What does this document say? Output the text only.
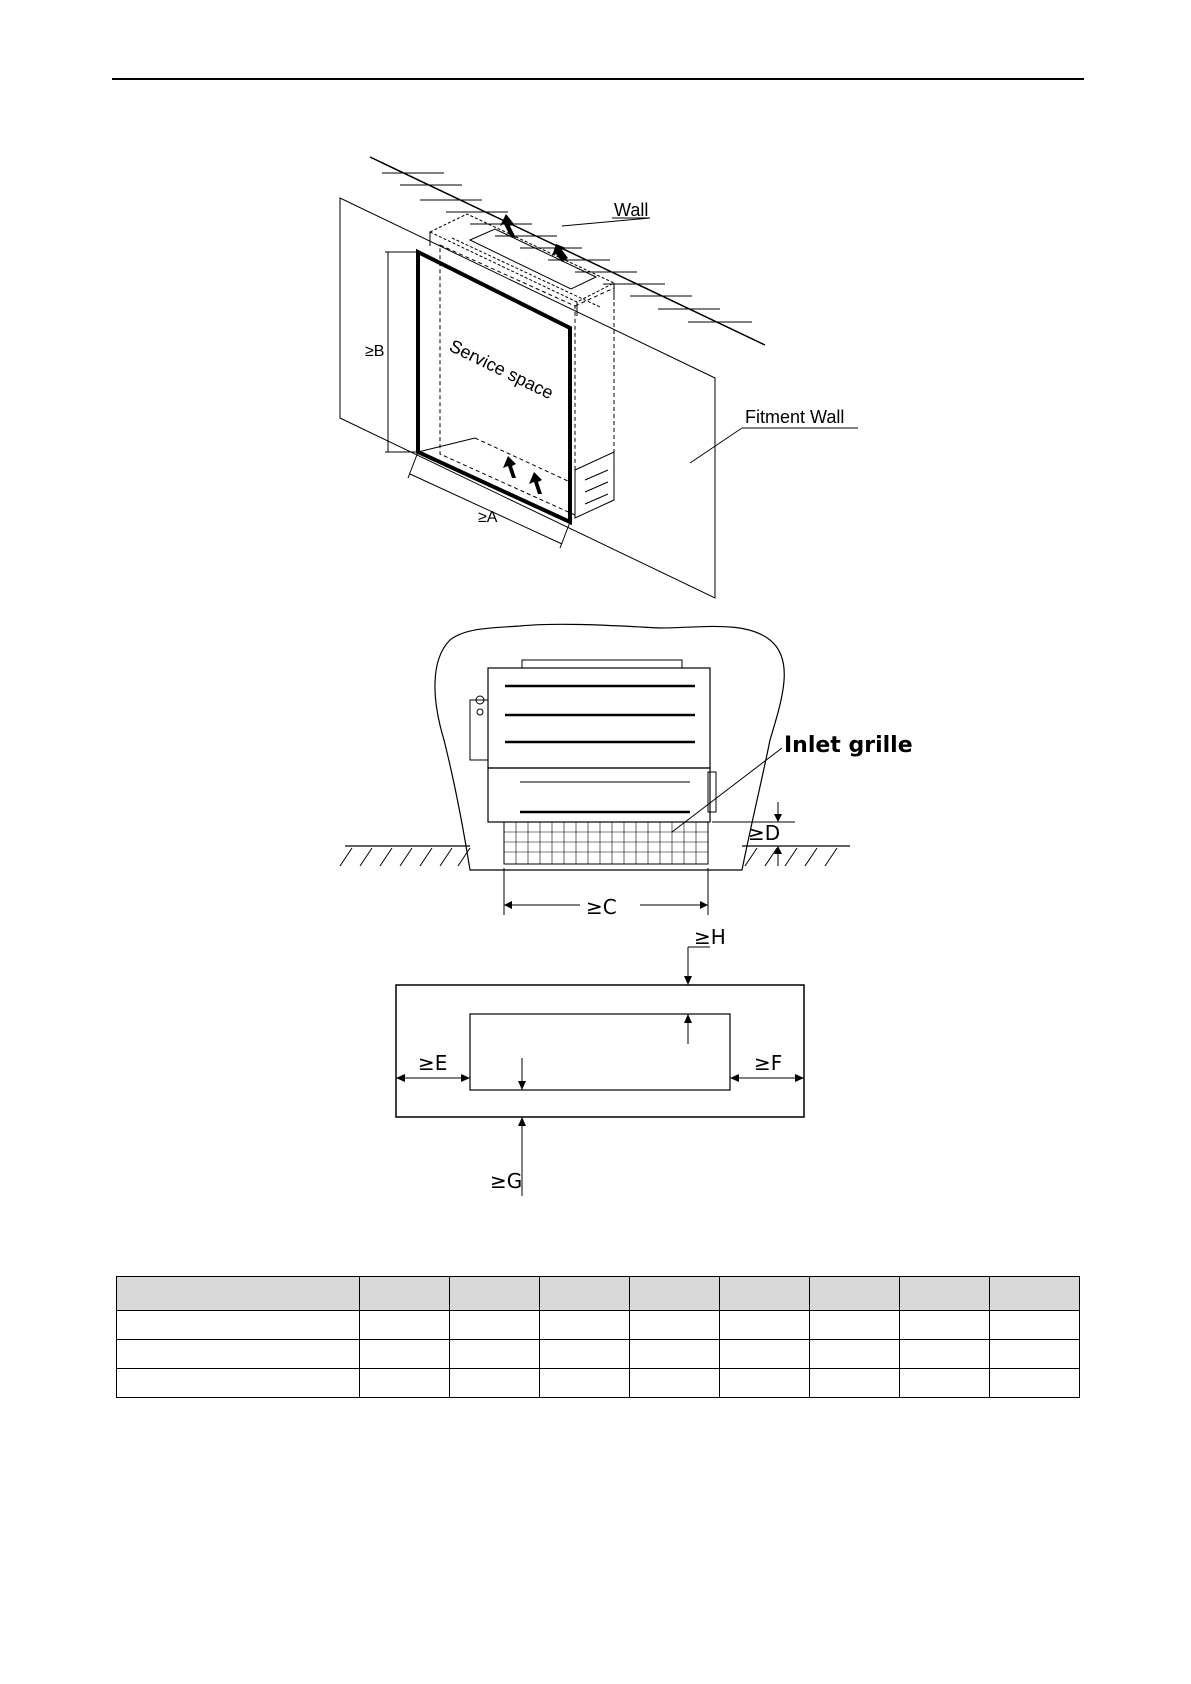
Wall
Service space
Fitment Wall
≥B
≥A
Inlet grille
≥D
≥C
≥H
≥E	≥F
≥G
